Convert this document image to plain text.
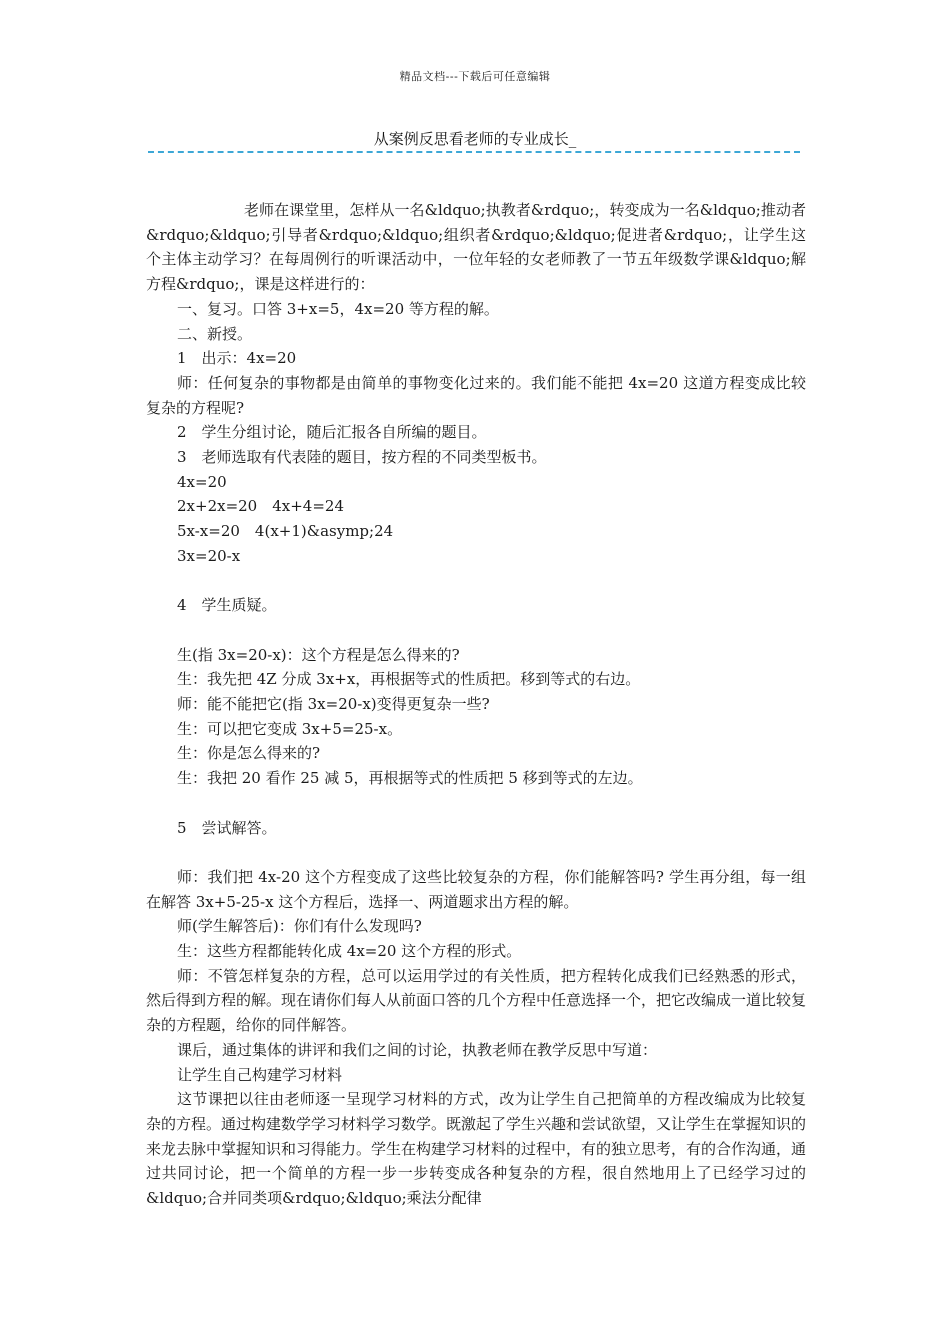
精品文档---下载后可任意编辑
从案例反思看老师的专业成长_

老师在课堂里，怎样从一名&ldquo;执教者&rdquo;，转变成为一名&ldquo;推动者&rdquo;&ldquo;引导者&rdquo;&ldquo;组织者&rdquo;&ldquo;促进者&rdquo;，让学生这个主体主动学习？在每周例行的听课活动中，一位年轻的女老师教了一节五年级数学课&ldquo;解方程&rdquo;，课是这样进行的：

一、复习。口答 3+x=5，4x=20 等方程的解。

二、新授。

1　出示：4x=20

师：任何复杂的事物都是由简单的事物变化过来的。我们能不能把 4x=20 这道方程变成比较复杂的方程呢?

2　学生分组讨论，随后汇报各自所编的题目。

3　老师选取有代表陸的题目，按方程的不同类型板书。

4x=20

2x+2x=20　4x+4=24

5x-x=20　4(x+1)&asymp;24

3x=20-x

4　学生质疑。

生(指 3x=20-x)：这个方程是怎么得来的?

生：我先把 4Z 分成 3x+x，再根据等式的性质把。移到等式的右边。

师：能不能把它(指 3x=20-x)变得更复杂一些?

生：可以把它变成 3x+5=25-x。

生：你是怎么得来的?

生：我把 20 看作 25 减 5，再根据等式的性质把 5 移到等式的左边。

5　尝试解答。

师：我们把 4x-20 这个方程变成了这些比较复杂的方程，你们能解答吗? 学生再分组，每一组在解答 3x+5-25-x 这个方程后，选择一、两道题求出方程的解。

师(学生解答后)：你们有什么发现吗?

生：这些方程都能转化成 4x=20 这个方程的形式。

师：不管怎样复杂的方程，总可以运用学过的有关性质，把方程转化成我们已经熟悉的形式，然后得到方程的解。现在请你们每人从前面口答的几个方程中任意选择一个，把它改编成一道比较复杂的方程题，给你的同伴解答。

课后，通过集体的讲评和我们之间的讨论，执教老师在教学反思中写道：

让学生自己构建学习材料

这节课把以往由老师逐一呈现学习材料的方式，改为让学生自己把简单的方程改编成为比较复杂的方程。通过构建数学学习材料学习数学。既激起了学生兴趣和尝试欲望，又让学生在掌握知识的来龙去脉中掌握知识和习得能力。学生在构建学习材料的过程中，有的独立思考，有的合作沟通，通过共同讨论，把一个简单的方程一步一步转变成各种复杂的方程，很自然地用上了已经学习过的&ldquo;合并同类项&rdquo;&ldquo;乘法分配律
